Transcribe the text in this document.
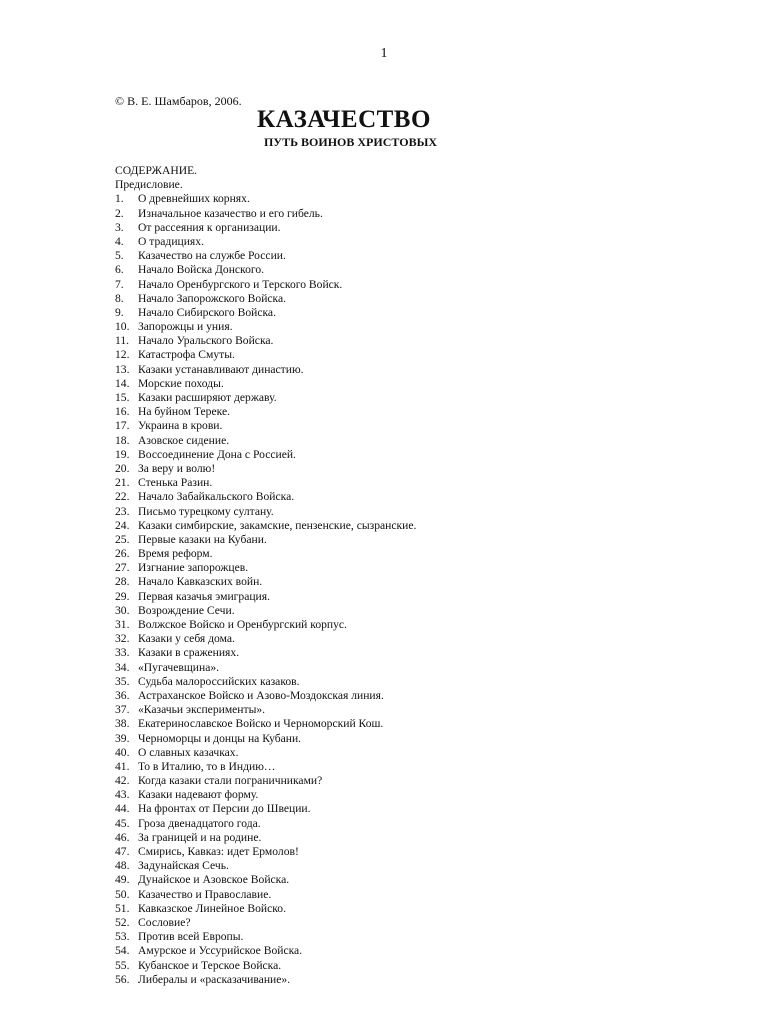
1
© В. Е. Шамбаров, 2006.
КАЗАЧЕСТВО
ПУТЬ ВОИНОВ ХРИСТОВЫХ
СОДЕРЖАНИЕ.
Предисловие.
1.	О древнейших корнях.
2.	Изначальное казачество и его гибель.
3.	От рассеяния к организации.
4.	О традициях.
5.	Казачество на службе России.
6.	Начало Войска Донского.
7.	Начало Оренбургского и Терского Войск.
8.	Начало Запорожского Войска.
9.	Начало Сибирского Войска.
10. Запорожцы и уния.
11. Начало Уральского Войска.
12. Катастрофа Смуты.
13. Казаки устанавливают династию.
14. Морские походы.
15. Казаки расширяют державу.
16. На буйном Тереке.
17. Украина в крови.
18. Азовское сидение.
19. Воссоединение Дона с Россией.
20. За веру и волю!
21. Стенька Разин.
22. Начало Забайкальского Войска.
23. Письмо турецкому султану.
24. Казаки симбирские, закамские, пензенские, сызранские.
25. Первые казаки на Кубани.
26. Время реформ.
27. Изгнание запорожцев.
28. Начало Кавказских войн.
29. Первая казачья эмиграция.
30. Возрождение Сечи.
31. Волжское Войско и Оренбургский корпус.
32. Казаки у себя дома.
33. Казаки в сражениях.
34. «Пугачевщина».
35. Судьба малороссийских казаков.
36. Астраханское Войско и Азово-Моздокская линия.
37. «Казачьи эксперименты».
38. Екатеринославское Войско и Черноморский Кош.
39. Черноморцы и донцы на Кубани.
40. О славных казачках.
41. То в Италию, то в Индию…
42. Когда казаки стали пограничниками?
43. Казаки надевают форму.
44. На фронтах от Персии до Швеции.
45. Гроза двенадцатого года.
46. За границей и на родине.
47. Смирись, Кавказ: идет Ермолов!
48. Задунайская Сечь.
49. Дунайское и Азовское Войска.
50. Казачество и Православие.
51. Кавказское Линейное Войско.
52. Сословие?
53. Против всей Европы.
54. Амурское и Уссурийское Войска.
55. Кубанское и Терское Войска.
56. Либералы и «расказачивание».
